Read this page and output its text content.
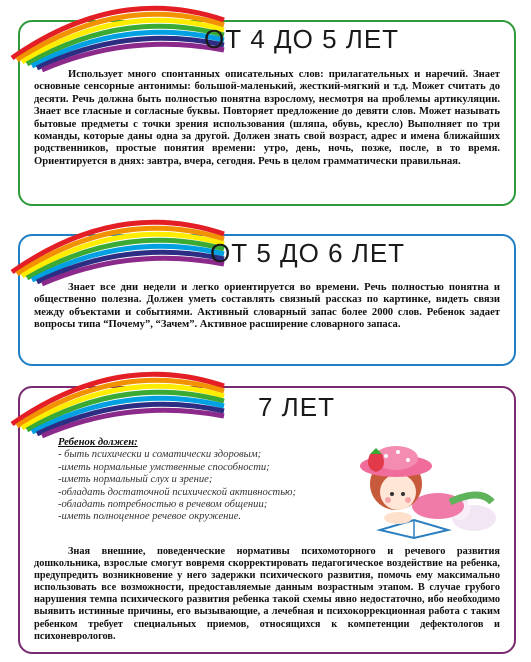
ОТ 4 ДО 5 ЛЕТ

Использует много спонтанных описательных слов: прилагательных и наречий. Знает основные сенсорные антонимы: большой-маленький, жесткий-мягкий и т.д. Может считать до десяти. Речь должна быть полностью понятна взрослому, несмотря на проблемы артикуляции. Знает все гласные и согласные буквы. Повторяет предложение до девяти слов. Может называть бытовые предметы с точки зрения использования (шляпа, обувь, кресло) Выполняет по три команды, которые даны одна за другой. Должен знать свой возраст, адрес и имена ближайших родственников, простые понятия времени: утро, день, ночь, позже, после, в то время. Ориентируется в днях: завтра, вчера, сегодня. Речь в целом грамматически правильная.

ОТ 5 ДО 6 ЛЕТ

Знает все дни недели и легко ориентируется во времени. Речь полностью понятна и общественно полезна. Должен уметь составлять связный рассказ по картинке, видеть связи между объектами и событиями. Активный словарный запас более 2000 слов. Ребенок задает вопросы типа “Почему”, “Зачем”. Активное расширение словарного запаса.

7 ЛЕТ
Ребенок должен:
- быть психически и соматически здоровым;
-иметь нормальные умственные способности;
-иметь нормальный слух и зрение;
-обладать достаточной психической активностью;
-обладать потребностью в речевом общении;
-иметь полноценное речевое окружение.

Зная внешние, поведенческие нормативы психомоторного и речевого развития дошкольника, взрослые смогут вовремя скорректировать педагогическое воздействие на ребенка, предупредить возникновение у него задержки психического развития, помочь ему максимально использовать все возможности, предоставляемые данным возрастным этапом. В случае грубого нарушения темпа психического развития ребенка такой схемы явно недостаточно, ибо необходимо выявить истинные причины, его вызывающие, а лечебная и психокоррекционная работа с таким ребенком требует специальных приемов, относящихся к компетенции дефектологов и психоневрологов.
